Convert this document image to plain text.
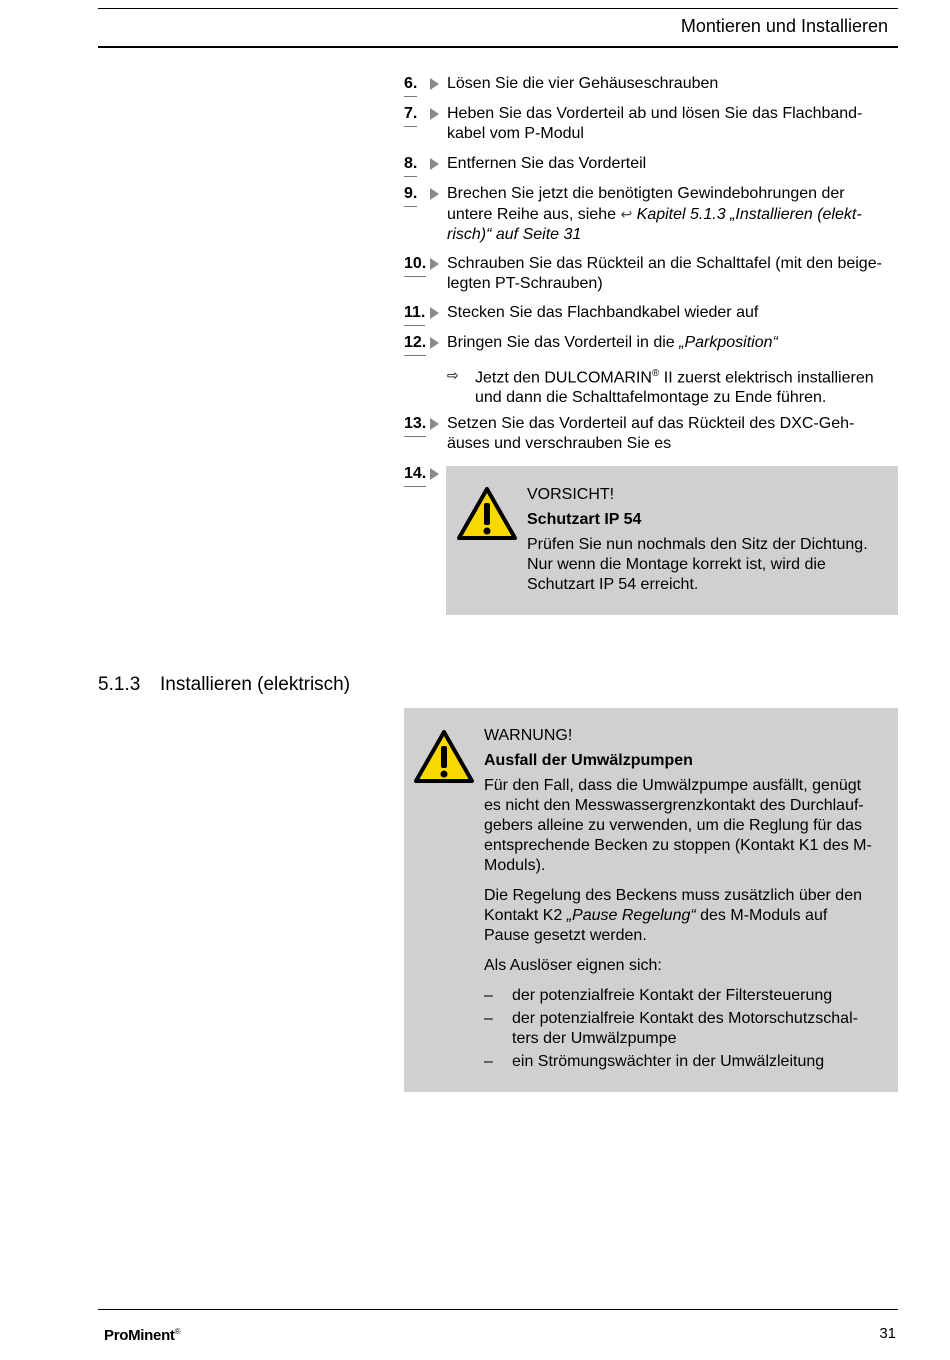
Montieren und Installieren
6.	Lösen Sie die vier Gehäuseschrauben
7.	Heben Sie das Vorderteil ab und lösen Sie das Flachband-
kabel vom P-Modul
8.	Entfernen Sie das Vorderteil
9.	Brechen Sie jetzt die benötigten Gewindebohrungen der
untere Reihe aus, siehe ↩︎ Kapitel 5.1.3 „Installieren (elekt-
risch)“ auf Seite 31
10.	Schrauben Sie das Rückteil an die Schalttafel (mit den beige-
legten PT-Schrauben)
11.	Stecken Sie das Flachbandkabel wieder auf
12.	Bringen Sie das Vorderteil in die „Parkposition“
⇨ Jetzt den DULCOMARIN® II zuerst elektrisch installieren
und dann die Schalttafelmontage zu Ende führen.
13.	Setzen Sie das Vorderteil auf das Rückteil des DXC-Geh-
äuses und verschrauben Sie es
14.
VORSICHT!
Schutzart IP 54
Prüfen Sie nun nochmals den Sitz der Dichtung.
Nur wenn die Montage korrekt ist, wird die
Schutzart IP 54 erreicht.
5.1.3 Installieren (elektrisch)
WARNUNG!
Ausfall der Umwälzpumpen
Für den Fall, dass die Umwälzpumpe ausfällt, genügt
es nicht den Messwassergrenzkontakt des Durchlauf-
gebers alleine zu verwenden, um die Reglung für das
entsprechende Becken zu stoppen (Kontakt K1 des M-
Moduls).
Die Regelung des Beckens muss zusätzlich über den
Kontakt K2 „Pause Regelung“ des M-Moduls auf
Pause gesetzt werden.
Als Auslöser eignen sich:
– der potenzialfreie Kontakt der Filtersteuerung
– der potenzialfreie Kontakt des Motorschutzschal-
ters der Umwälzpumpe
– ein Strömungswächter in der Umwälzleitung
ProMinent®	31
